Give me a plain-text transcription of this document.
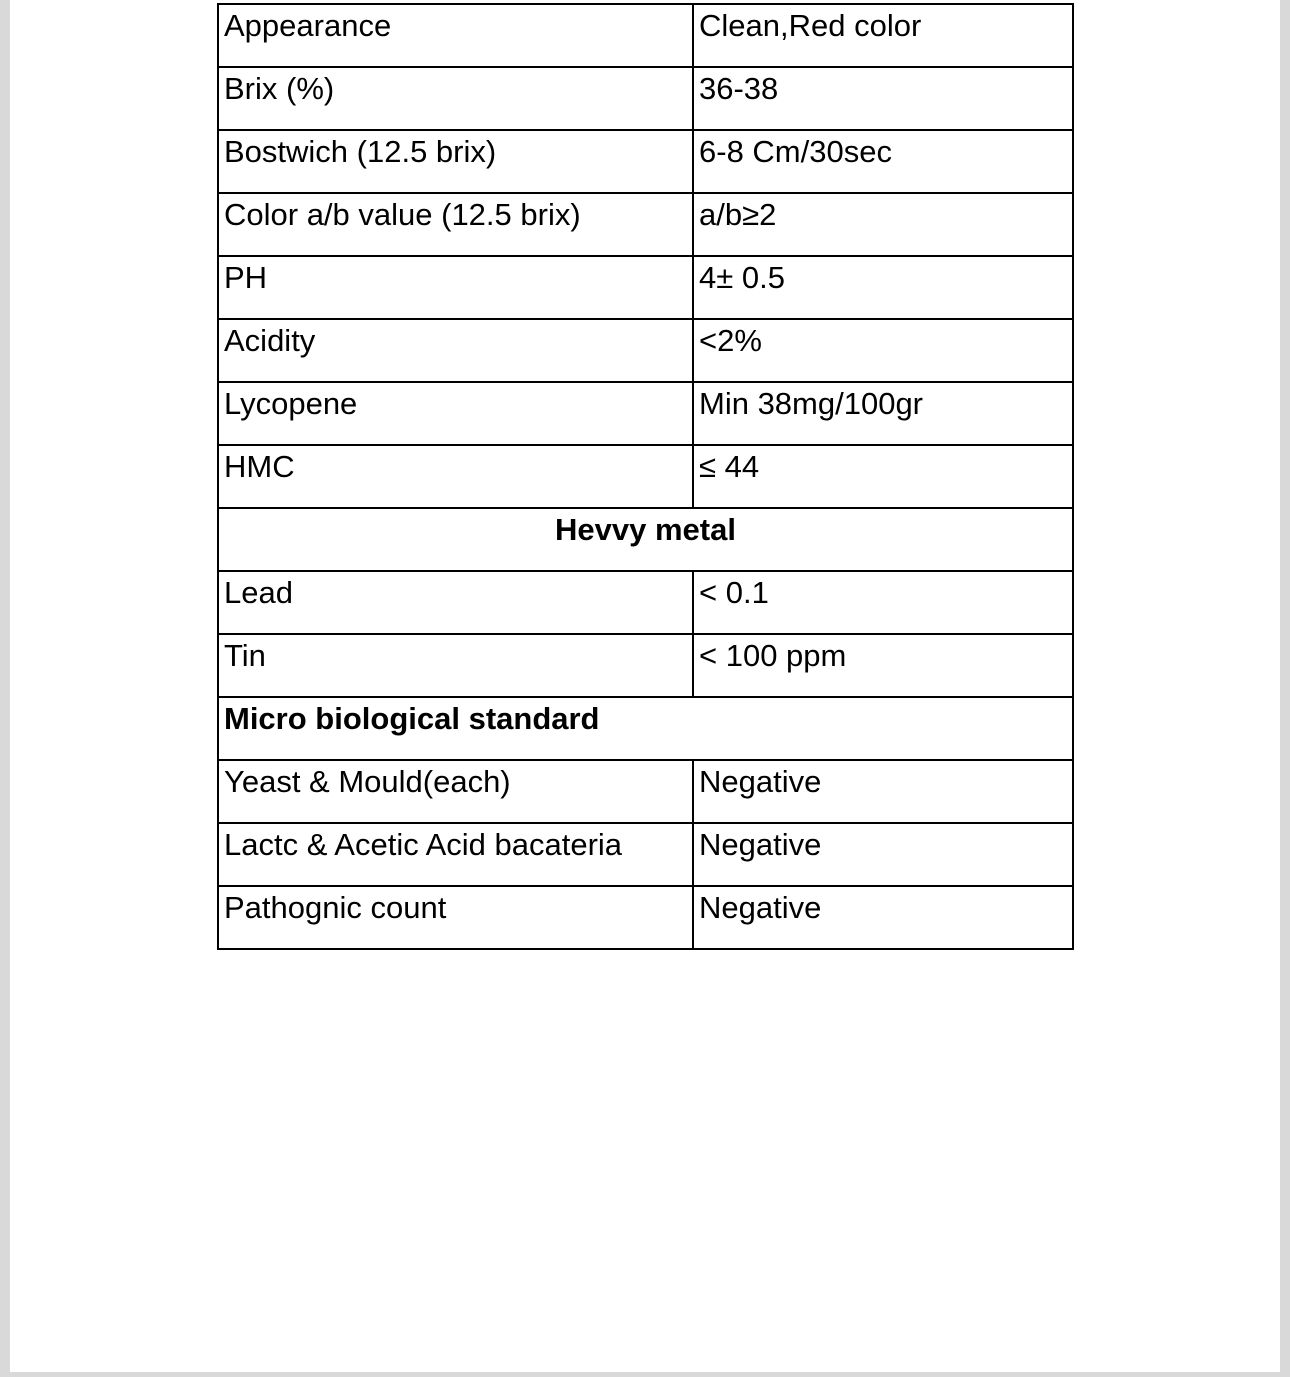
Appearance	Clean,Red color
Brix (%)	36-38
Bostwich (12.5 brix)	6-8 Cm/30sec
Color a/b value (12.5 brix)	a/b≥2
PH	4± 0.5
Acidity	<2%
Lycopene	Min 38mg/100gr
HMC	≤ 44
Hevvy metal	
Lead	< 0.1
Tin	< 100 ppm
Micro biological standard	
Yeast & Mould(each)	Negative
Lactc & Acetic Acid bacateria	Negative
Pathognic count	Negative
